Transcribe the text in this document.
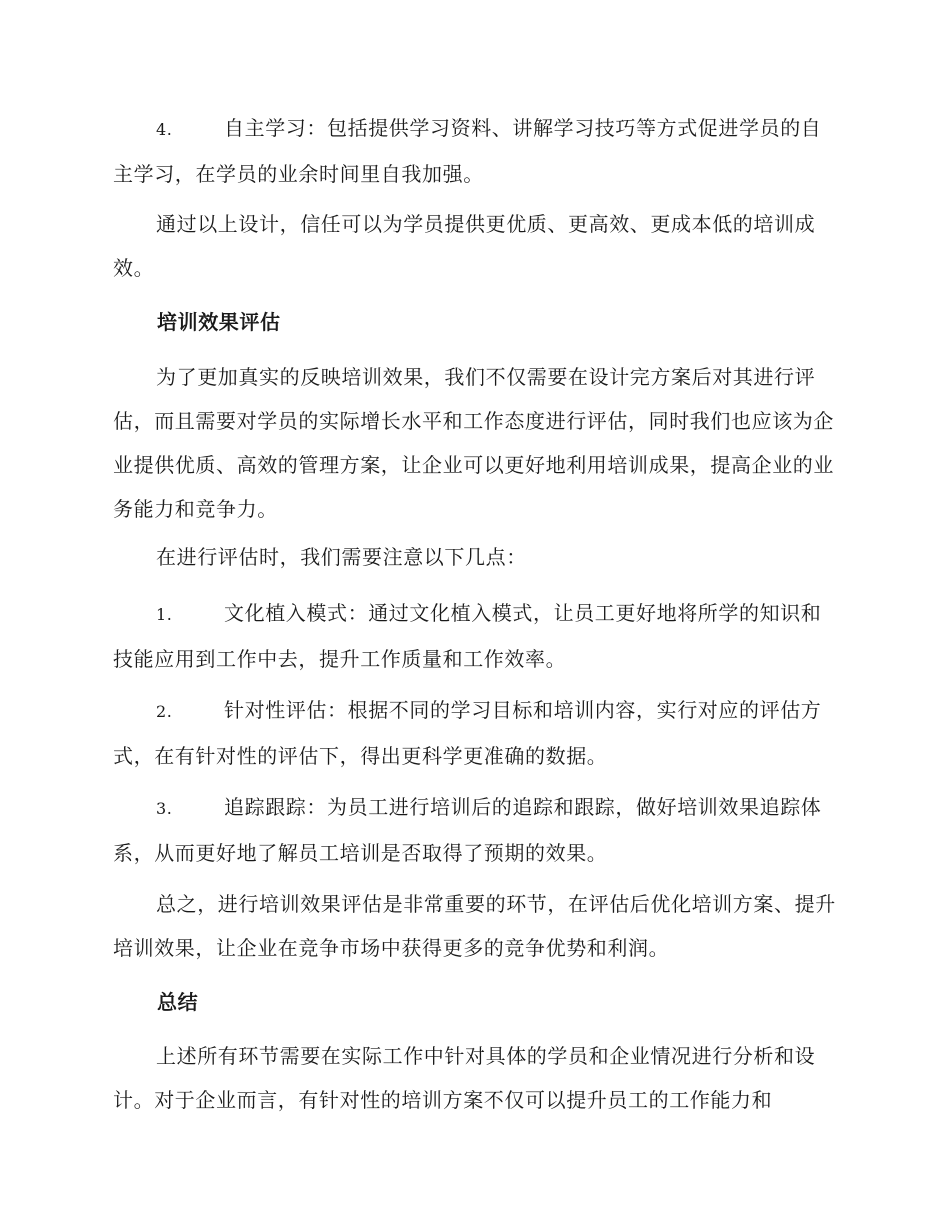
4.	自主学习：包括提供学习资料、讲解学习技巧等方式促进学员的自主学习，在学员的业余时间里自我加强。

通过以上设计，信任可以为学员提供更优质、更高效、更成本低的培训成效。

培训效果评估

为了更加真实的反映培训效果，我们不仅需要在设计完方案后对其进行评估，而且需要对学员的实际增长水平和工作态度进行评估，同时我们也应该为企业提供优质、高效的管理方案，让企业可以更好地利用培训成果，提高企业的业务能力和竞争力。

在进行评估时，我们需要注意以下几点：

1.	文化植入模式：通过文化植入模式，让员工更好地将所学的知识和技能应用到工作中去，提升工作质量和工作效率。

2.	针对性评估：根据不同的学习目标和培训内容，实行对应的评估方式，在有针对性的评估下，得出更科学更准确的数据。

3.	追踪跟踪：为员工进行培训后的追踪和跟踪，做好培训效果追踪体系，从而更好地了解员工培训是否取得了预期的效果。

总之，进行培训效果评估是非常重要的环节，在评估后优化培训方案、提升培训效果，让企业在竞争市场中获得更多的竞争优势和利润。

总结

上述所有环节需要在实际工作中针对具体的学员和企业情况进行分析和设计。对于企业而言，有针对性的培训方案不仅可以提升员工的工作能力和
